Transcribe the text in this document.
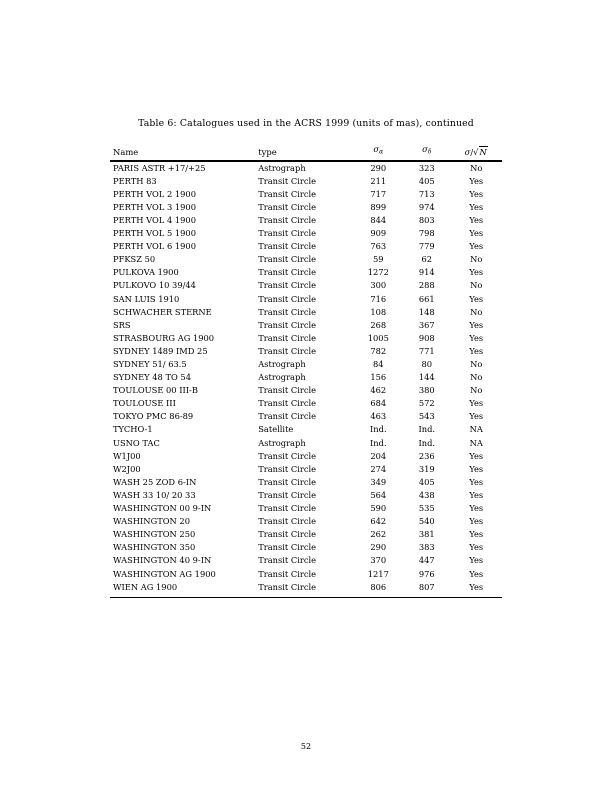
Table 6: Catalogues used in the ACRS 1999 (units of mas), continued

Name	type	$\sigma_\alpha$	$\sigma_\delta$	σ/√N

PARIS ASTR +17/+25	Astrograph	290	323	No
PERTH 83	Transit Circle	211	405	Yes
PERTH VOL 2 1900	Transit Circle	717	713	Yes
PERTH VOL 3 1900	Transit Circle	899	974	Yes
PERTH VOL 4 1900	Transit Circle	844	803	Yes
PERTH VOL 5 1900	Transit Circle	909	798	Yes
PERTH VOL 6 1900	Transit Circle	763	779	Yes
PFKSZ 50	Transit Circle	59	62	No
PULKOVA 1900	Transit Circle	1272	914	Yes
PULKOVO 10 39/44	Transit Circle	300	288	No
SAN LUIS 1910	Transit Circle	716	661	Yes
SCHWACHER STERNE	Transit Circle	108	148	No
SRS	Transit Circle	268	367	Yes
STRASBOURG AG 1900	Transit Circle	1005	908	Yes
SYDNEY 1489 IMD 25	Transit Circle	782	771	Yes
SYDNEY 51/ 63.5	Astrograph	84	80	No
SYDNEY 48 TO 54	Astrograph	156	144	No
TOULOUSE 00 III-B	Transit Circle	462	380	No
TOULOUSE III	Transit Circle	684	572	Yes
TOKYO PMC 86-89	Transit Circle	463	543	Yes
TYCHO-1	Satellite	Ind.	Ind.	NA
USNO TAC	Astrograph	Ind.	Ind.	NA
W1J00	Transit Circle	204	236	Yes
W2J00	Transit Circle	274	319	Yes
WASH 25 ZOD 6-IN	Transit Circle	349	405	Yes
WASH 33 10/ 20 33	Transit Circle	564	438	Yes
WASHINGTON 00 9-IN	Transit Circle	590	535	Yes
WASHINGTON 20	Transit Circle	642	540	Yes
WASHINGTON 250	Transit Circle	262	381	Yes
WASHINGTON 350	Transit Circle	290	383	Yes
WASHINGTON 40 9-IN	Transit Circle	370	447	Yes
WASHINGTON AG 1900	Transit Circle	1217	976	Yes
WIEN AG 1900	Transit Circle	806	807	Yes

52
